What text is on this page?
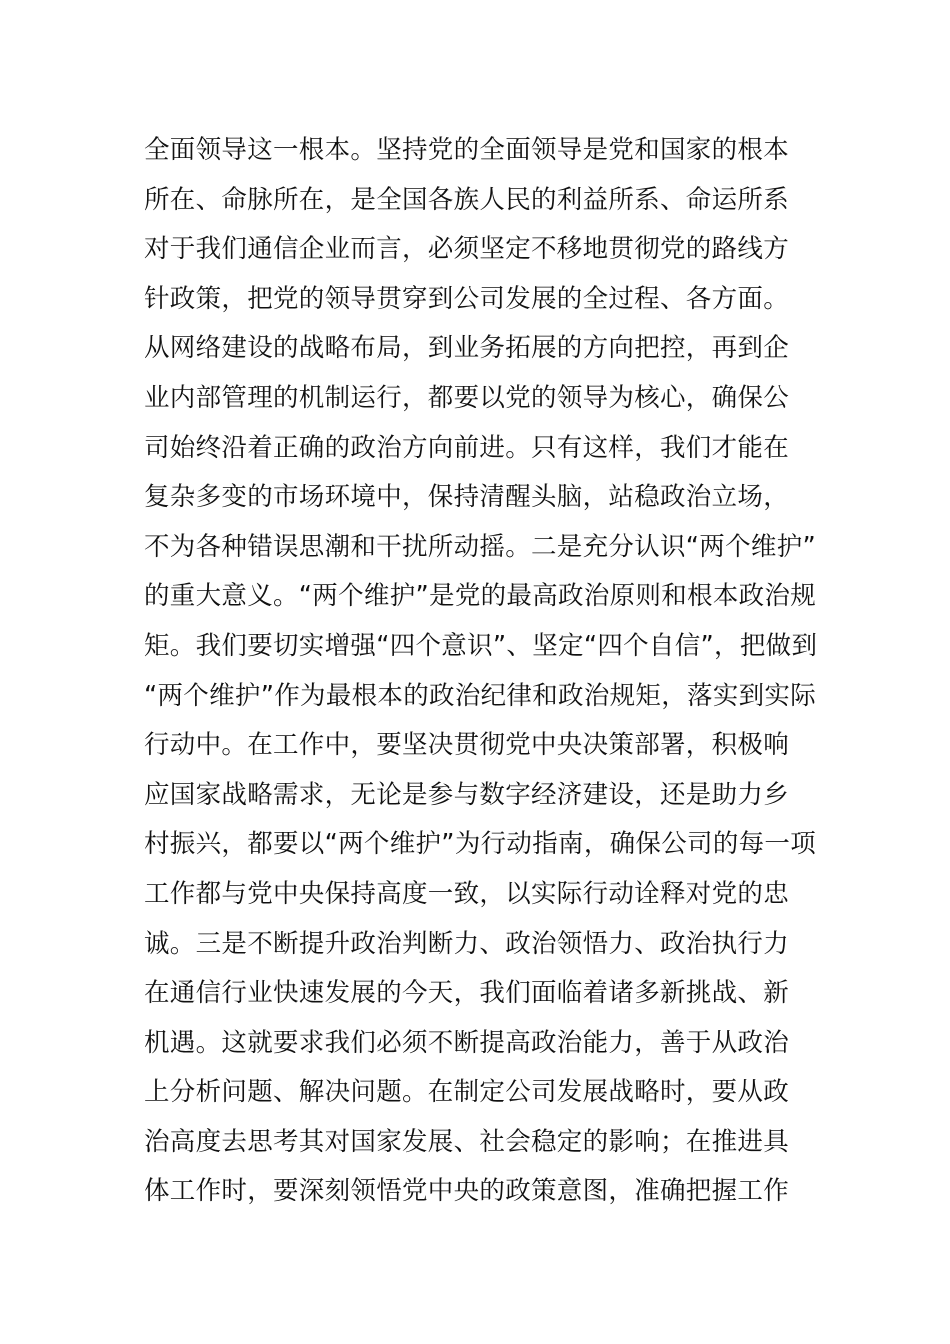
全面领导这一根本。坚持党的全面领导是党和国家的根本
所在、命脉所在，是全国各族人民的利益所系、命运所系
对于我们通信企业而言，必须坚定不移地贯彻党的路线方
针政策，把党的领导贯穿到公司发展的全过程、各方面。
从网络建设的战略布局，到业务拓展的方向把控，再到企
业内部管理的机制运行，都要以党的领导为核心，确保公
司始终沿着正确的政治方向前进。只有这样，我们才能在
复杂多变的市场环境中，保持清醒头脑，站稳政治立场，
不为各种错误思潮和干扰所动摇。二是充分认识“两个维护”
的重大意义。“两个维护”是党的最高政治原则和根本政治规
矩。我们要切实增强“四个意识”、坚定“四个自信”，把做到
“两个维护”作为最根本的政治纪律和政治规矩，落实到实际
行动中。在工作中，要坚决贯彻党中央决策部署，积极响
应国家战略需求，无论是参与数字经济建设，还是助力乡
村振兴，都要以“两个维护”为行动指南，确保公司的每一项
工作都与党中央保持高度一致，以实际行动诠释对党的忠
诚。三是不断提升政治判断力、政治领悟力、政治执行力
在通信行业快速发展的今天，我们面临着诸多新挑战、新
机遇。这就要求我们必须不断提高政治能力，善于从政治
上分析问题、解决问题。在制定公司发展战略时，要从政
治高度去思考其对国家发展、社会稳定的影响；在推进具
体工作时，要深刻领悟党中央的政策意图，准确把握工作
